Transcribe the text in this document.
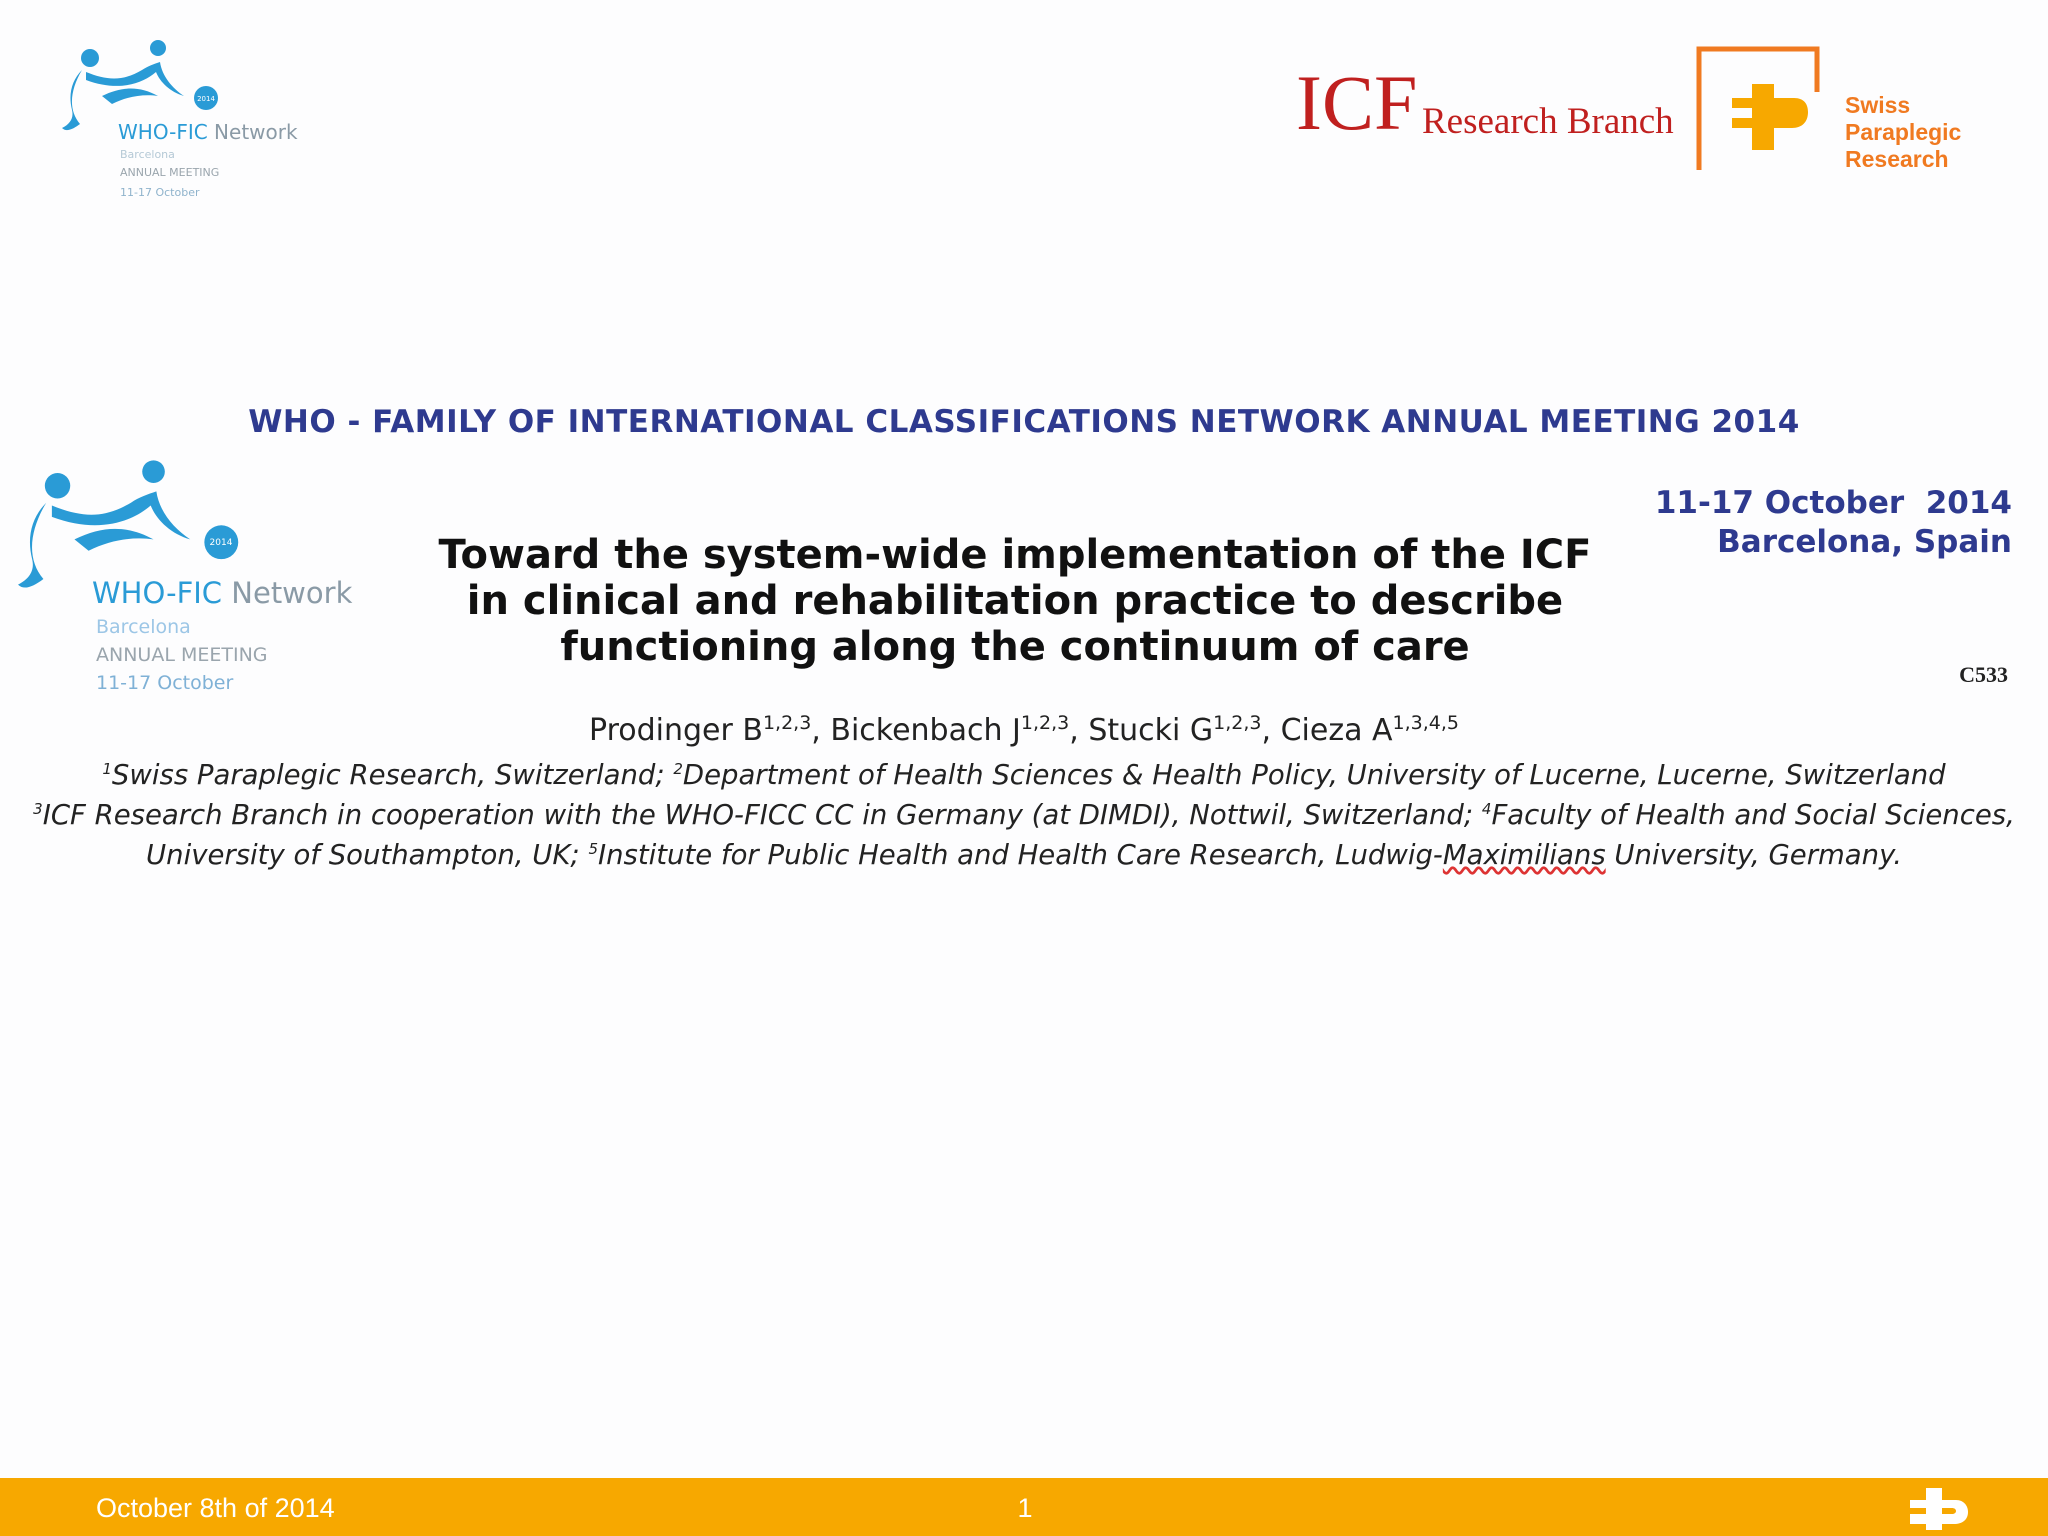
2014
WHO-FIC Network
Barcelona
ANNUAL MEETING
11-17 October
ICF Research Branch	Swiss
Paraplegic
Research
WHO - FAMILY OF INTERNATIONAL CLASSIFICATIONS NETWORK ANNUAL MEETING 2014
2014
WHO-FIC Network
Barcelona
ANNUAL MEETING
11-17 October
Toward the system-wide implementation of the ICF
in clinical and rehabilitation practice to describe
functioning along the continuum of care
11-17 October  2014
Barcelona, Spain
C533
Prodinger B$^{1,2,3}$, Bickenbach J$^{1,2,3}$, Stucki G$^{1,2,3}$, Cieza A$^{1,3,4,5}$
$^1$Swiss Paraplegic Research, Switzerland; $^2$Department of Health Sciences & Health Policy, University of Lucerne, Lucerne, Switzerland
$^3$ICF Research Branch in cooperation with the WHO-FICC CC in Germany (at DIMDI), Nottwil, Switzerland; $^4$Faculty of Health and Social Sciences, University of Southampton, UK; $^5$Institute for Public Health and Health Care Research, Ludwig-Maximilians University, Germany.
October 8th of 2014	1
